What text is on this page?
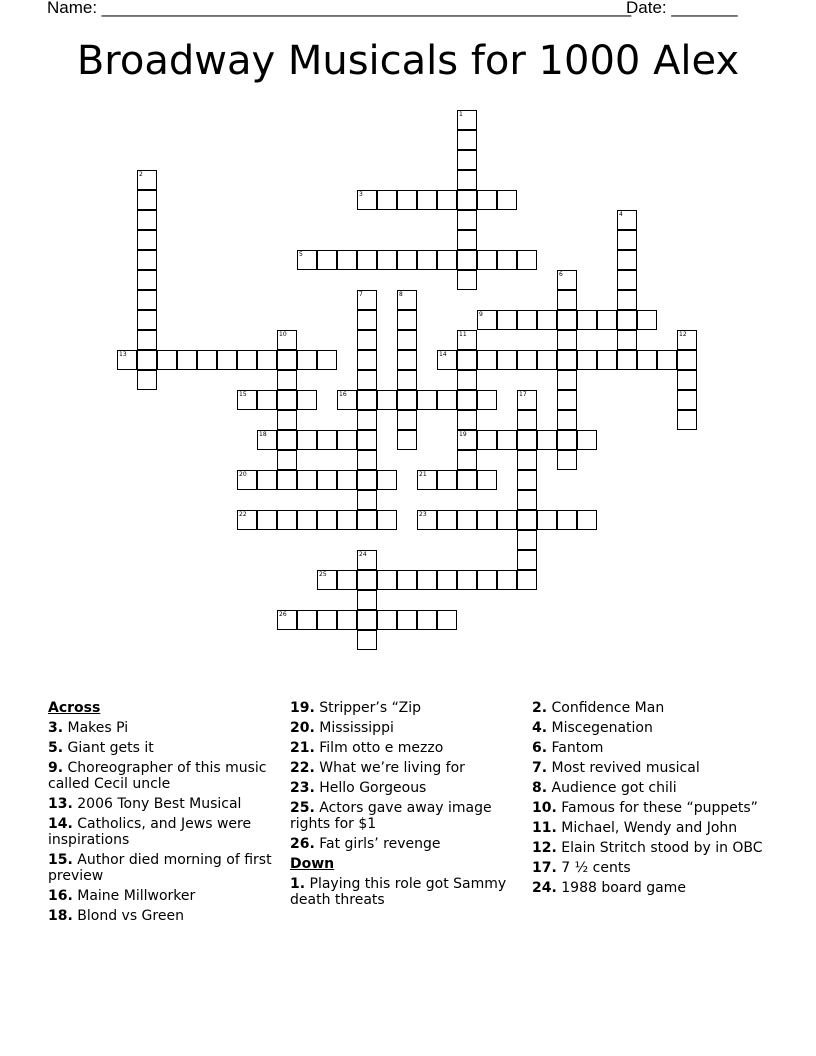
Name: ________________________________________________________
Date: _______
Broadway Musicals for 1000 Alex
1
2
3
4
5
6
7	8
9
10	11
19
12
13	14
15	16	17
18
20	21
22	23
24
25
26
Across
3. Makes Pi
5. Giant gets it
9. Choreographer of this music called Cecil uncle
13. 2006 Tony Best Musical
14. Catholics, and Jews were inspirations
15. Author died morning of first preview
16. Maine Millworker
18. Blond vs Green
19. Stripper’s “Zip
20. Mississippi
21. Film otto e mezzo
22. What we’re living for
23. Hello Gorgeous
25. Actors gave away image rights for $1
26. Fat girls’ revenge
Down
1. Playing this role got Sammy death threats
2. Confidence Man
4. Miscegenation
6. Fantom
7. Most revived musical
8. Audience got chili
10. Famous for these “puppets”
11. Michael, Wendy and John
12. Elain Stritch stood by in OBC
17. 7 ½ cents
24. 1988 board game
